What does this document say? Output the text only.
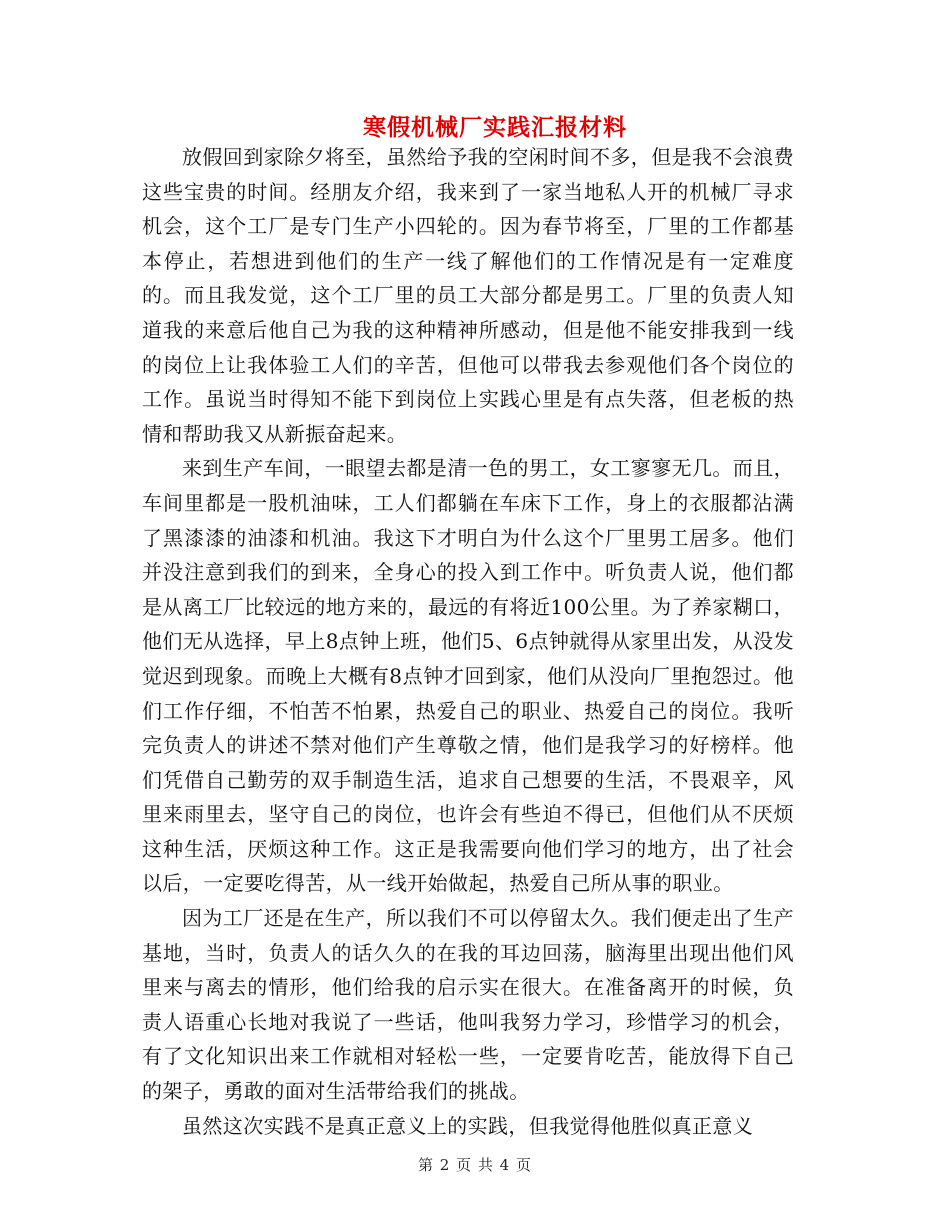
寒假机械厂实践汇报材料

放假回到家除夕将至，虽然给予我的空闲时间不多，但是我不会浪费这些宝贵的时间。经朋友介绍，我来到了一家当地私人开的机械厂寻求机会，这个工厂是专门生产小四轮的。因为春节将至，厂里的工作都基本停止，若想进到他们的生产一线了解他们的工作情况是有一定难度的。而且我发觉，这个工厂里的员工大部分都是男工。厂里的负责人知道我的来意后他自己为我的这种精神所感动，但是他不能安排我到一线的岗位上让我体验工人们的辛苦，但他可以带我去参观他们各个岗位的工作。虽说当时得知不能下到岗位上实践心里是有点失落，但老板的热情和帮助我又从新振奋起来。

来到生产车间，一眼望去都是清一色的男工，女工寥寥无几。而且，车间里都是一股机油味，工人们都躺在车床下工作，身上的衣服都沾满了黑漆漆的油漆和机油。我这下才明白为什么这个厂里男工居多。他们并没注意到我们的到来，全身心的投入到工作中。听负责人说，他们都是从离工厂比较远的地方来的，最远的有将近100公里。为了养家糊口，他们无从选择，早上8点钟上班，他们5、6点钟就得从家里出发，从没发觉迟到现象。而晚上大概有8点钟才回到家，他们从没向厂里抱怨过。他们工作仔细，不怕苦不怕累，热爱自己的职业、热爱自己的岗位。我听完负责人的讲述不禁对他们产生尊敬之情，他们是我学习的好榜样。他们凭借自己勤劳的双手制造生活，追求自己想要的生活，不畏艰辛，风里来雨里去，坚守自己的岗位，也许会有些迫不得已，但他们从不厌烦这种生活，厌烦这种工作。这正是我需要向他们学习的地方，出了社会以后，一定要吃得苦，从一线开始做起，热爱自己所从事的职业。

因为工厂还是在生产，所以我们不可以停留太久。我们便走出了生产基地，当时，负责人的话久久的在我的耳边回荡，脑海里出现出他们风里来与离去的情形，他们给我的启示实在很大。在准备离开的时候，负责人语重心长地对我说了一些话，他叫我努力学习，珍惜学习的机会，有了文化知识出来工作就相对轻松一些，一定要肯吃苦，能放得下自己的架子，勇敢的面对生活带给我们的挑战。

虽然这次实践不是真正意义上的实践，但我觉得他胜似真正意义

第 2 页 共 4 页
